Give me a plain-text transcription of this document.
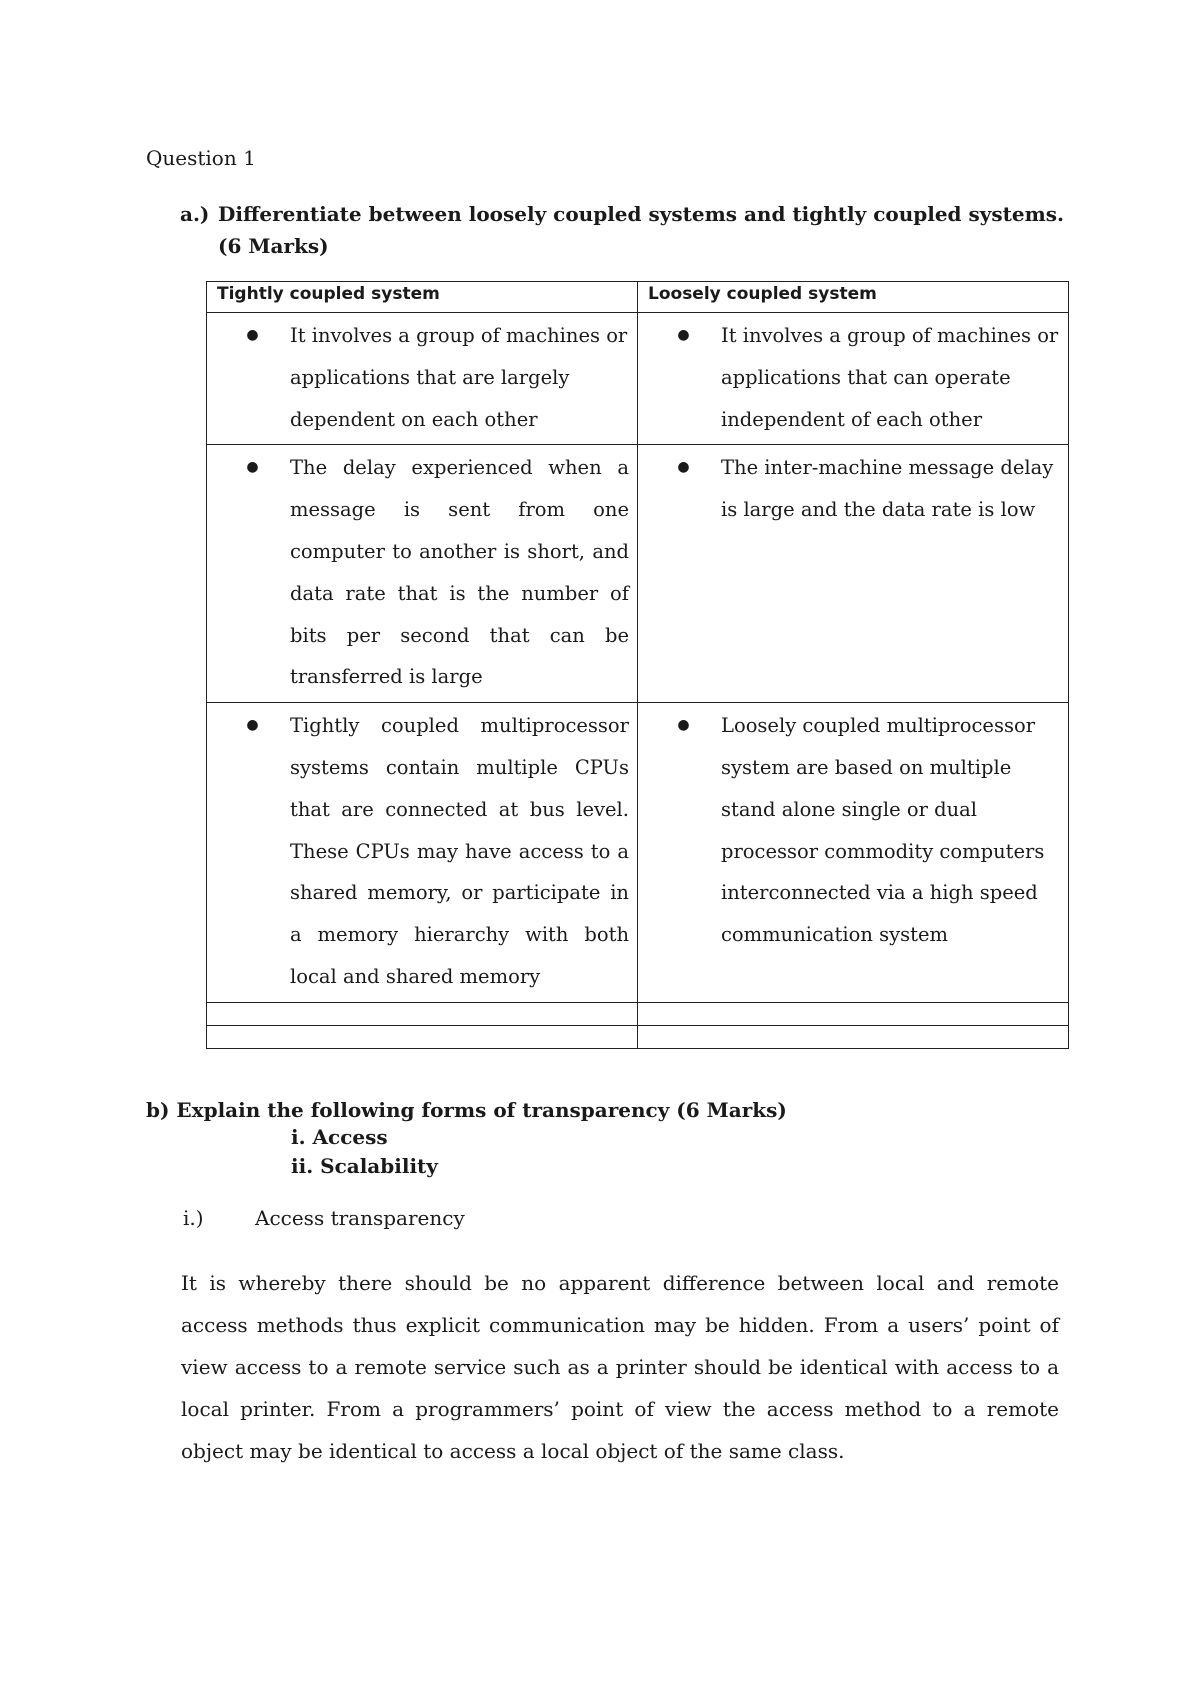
Question 1

a.) Differentiate between loosely coupled systems and tightly coupled systems. (6 Marks)
Tightly coupled system	Loosely coupled system

● It involves a group of machines or applications that are largely dependent on each other	● It involves a group of machines or applications that can operate independent of each other

● The delay experienced when a message is sent from one computer to another is short, and data rate that is the number of bits per second that can be transferred is large	● The inter-machine message delay is large and the data rate is low

● Tightly coupled multiprocessor systems contain multiple CPUs that are connected at bus level. These CPUs may have access to a shared memory, or participate in a memory hierarchy with both local and shared memory	● Loosely coupled multiprocessor system are based on multiple stand alone single or dual processor commodity computers interconnected via a high speed communication system

b) Explain the following forms of transparency (6 Marks)

i. Access

ii. Scalability

i.)	Access transparency

It is whereby there should be no apparent difference between local and remote access methods thus explicit communication may be hidden. From a users’ point of view access to a remote service such as a printer should be identical with access to a local printer. From a programmers’ point of view the access method to a remote object may be identical to access a local object of the same class.
